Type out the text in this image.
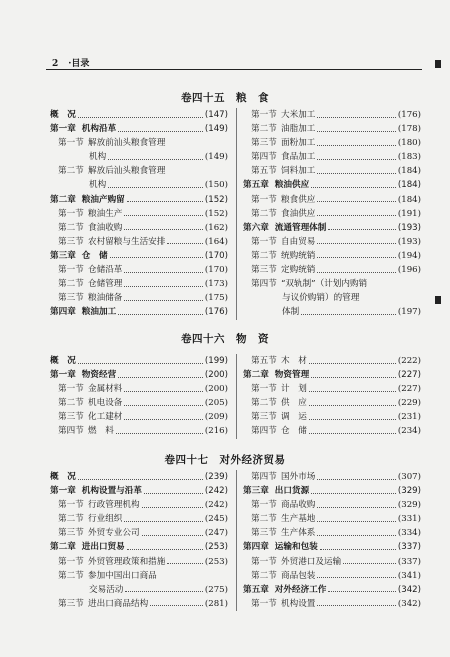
2 ·目录
卷四十五　粮　食
概　况	(147)
第一章 机构沿革	(149)
第一节 解放前汕头粮食管理
机构	(149)
第二节 解放后汕头粮食管理
机构	(150)
第二章 粮油产购留	(152)
第一节 粮油生产	(152)
第二节 食油收购	(162)
第三节 农村留粮与生活安排	(164)
第三章 仓　储	(170)
第一节 仓储沿革	(170)
第二节 仓储管理	(173)
第三节 粮油储备	(175)
第四章 粮油加工	(176)
第一节 大米加工	(176)
第二节 油脂加工	(178)
第三节 面粉加工	(180)
第四节 食品加工	(183)
第五节 饲料加工	(184)
第五章 粮油供应	(184)
第一节 粮食供应	(184)
第二节 食油供应	(191)
第六章 流通管理体制	(193)
第一节 自由贸易	(193)
第二节 统购统销	(194)
第三节 定购统销	(196)
第四节 “双轨制”（计划内购销
与议价购销）的管理
体制	(197)
卷四十六　物　资
概　况	(199)
第一章 物资经营	(200)
第一节 金属材料	(200)
第二节 机电设备	(205)
第三节 化工建材	(209)
第四节 燃　料	(216)
第五节 木　材	(222)
第二章 物资管理	(227)
第一节 计　划	(227)
第二节 供　应	(229)
第三节 调　运	(231)
第四节 仓　储	(234)
卷四十七　对外经济贸易
概　况	(239)
第一章 机构设置与沿革	(242)
第一节 行政管理机构	(242)
第二节 行业组织	(245)
第三节 外贸专业公司	(247)
第二章 进出口贸易	(253)
第一节 外贸管理政策和措施	(253)
第二节 参加中国出口商品
交易活动	(275)
第三节 进出口商品结构	(281)
第四节 国外市场	(307)
第三章 出口货源	(329)
第一节 商品收购	(329)
第二节 生产基地	(331)
第三节 生产体系	(334)
第四章 运输和包装	(337)
第一节 外贸港口及运输	(337)
第二节 商品包装	(341)
第五章 对外经济工作	(342)
第一节 机构设置	(342)
